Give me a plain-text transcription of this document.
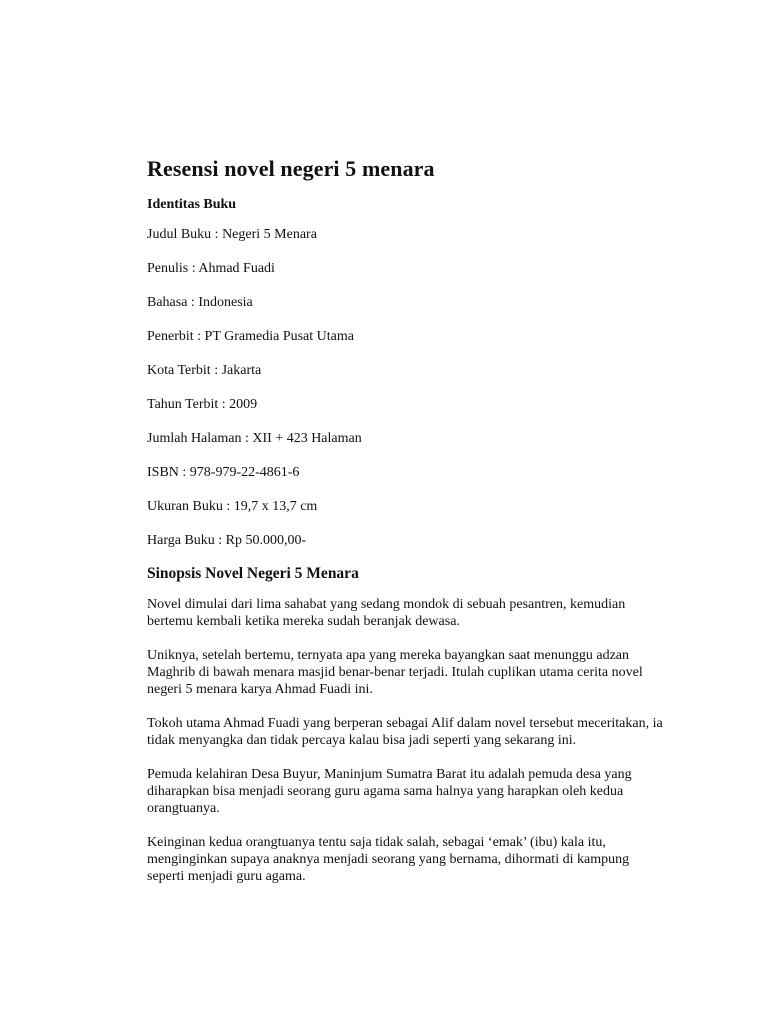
Resensi novel negeri 5 menara
Identitas Buku
Judul Buku : Negeri 5 Menara
Penulis : Ahmad Fuadi
Bahasa : Indonesia
Penerbit : PT Gramedia Pusat Utama
Kota Terbit : Jakarta
Tahun Terbit : 2009
Jumlah Halaman : XII + 423 Halaman
ISBN : 978-979-22-4861-6
Ukuran Buku : 19,7 x 13,7 cm
Harga Buku : Rp 50.000,00-
Sinopsis Novel Negeri 5 Menara

Novel dimulai dari lima sahabat yang sedang mondok di sebuah pesantren, kemudian bertemu kembali ketika mereka sudah beranjak dewasa.

Uniknya, setelah bertemu, ternyata apa yang mereka bayangkan saat menunggu adzan Maghrib di bawah menara masjid benar-benar terjadi. Itulah cuplikan utama cerita novel negeri 5 menara karya Ahmad Fuadi ini.

Tokoh utama Ahmad Fuadi yang berperan sebagai Alif dalam novel tersebut meceritakan, ia tidak menyangka dan tidak percaya kalau bisa jadi seperti yang sekarang ini.

Pemuda kelahiran Desa Buyur, Maninjum Sumatra Barat itu adalah pemuda desa yang diharapkan bisa menjadi seorang guru agama sama halnya yang harapkan oleh kedua orangtuanya.

Keinginan kedua orangtuanya tentu saja tidak salah, sebagai ‘emak’ (ibu) kala itu, menginginkan supaya anaknya menjadi seorang yang bernama, dihormati di kampung seperti menjadi guru agama.
